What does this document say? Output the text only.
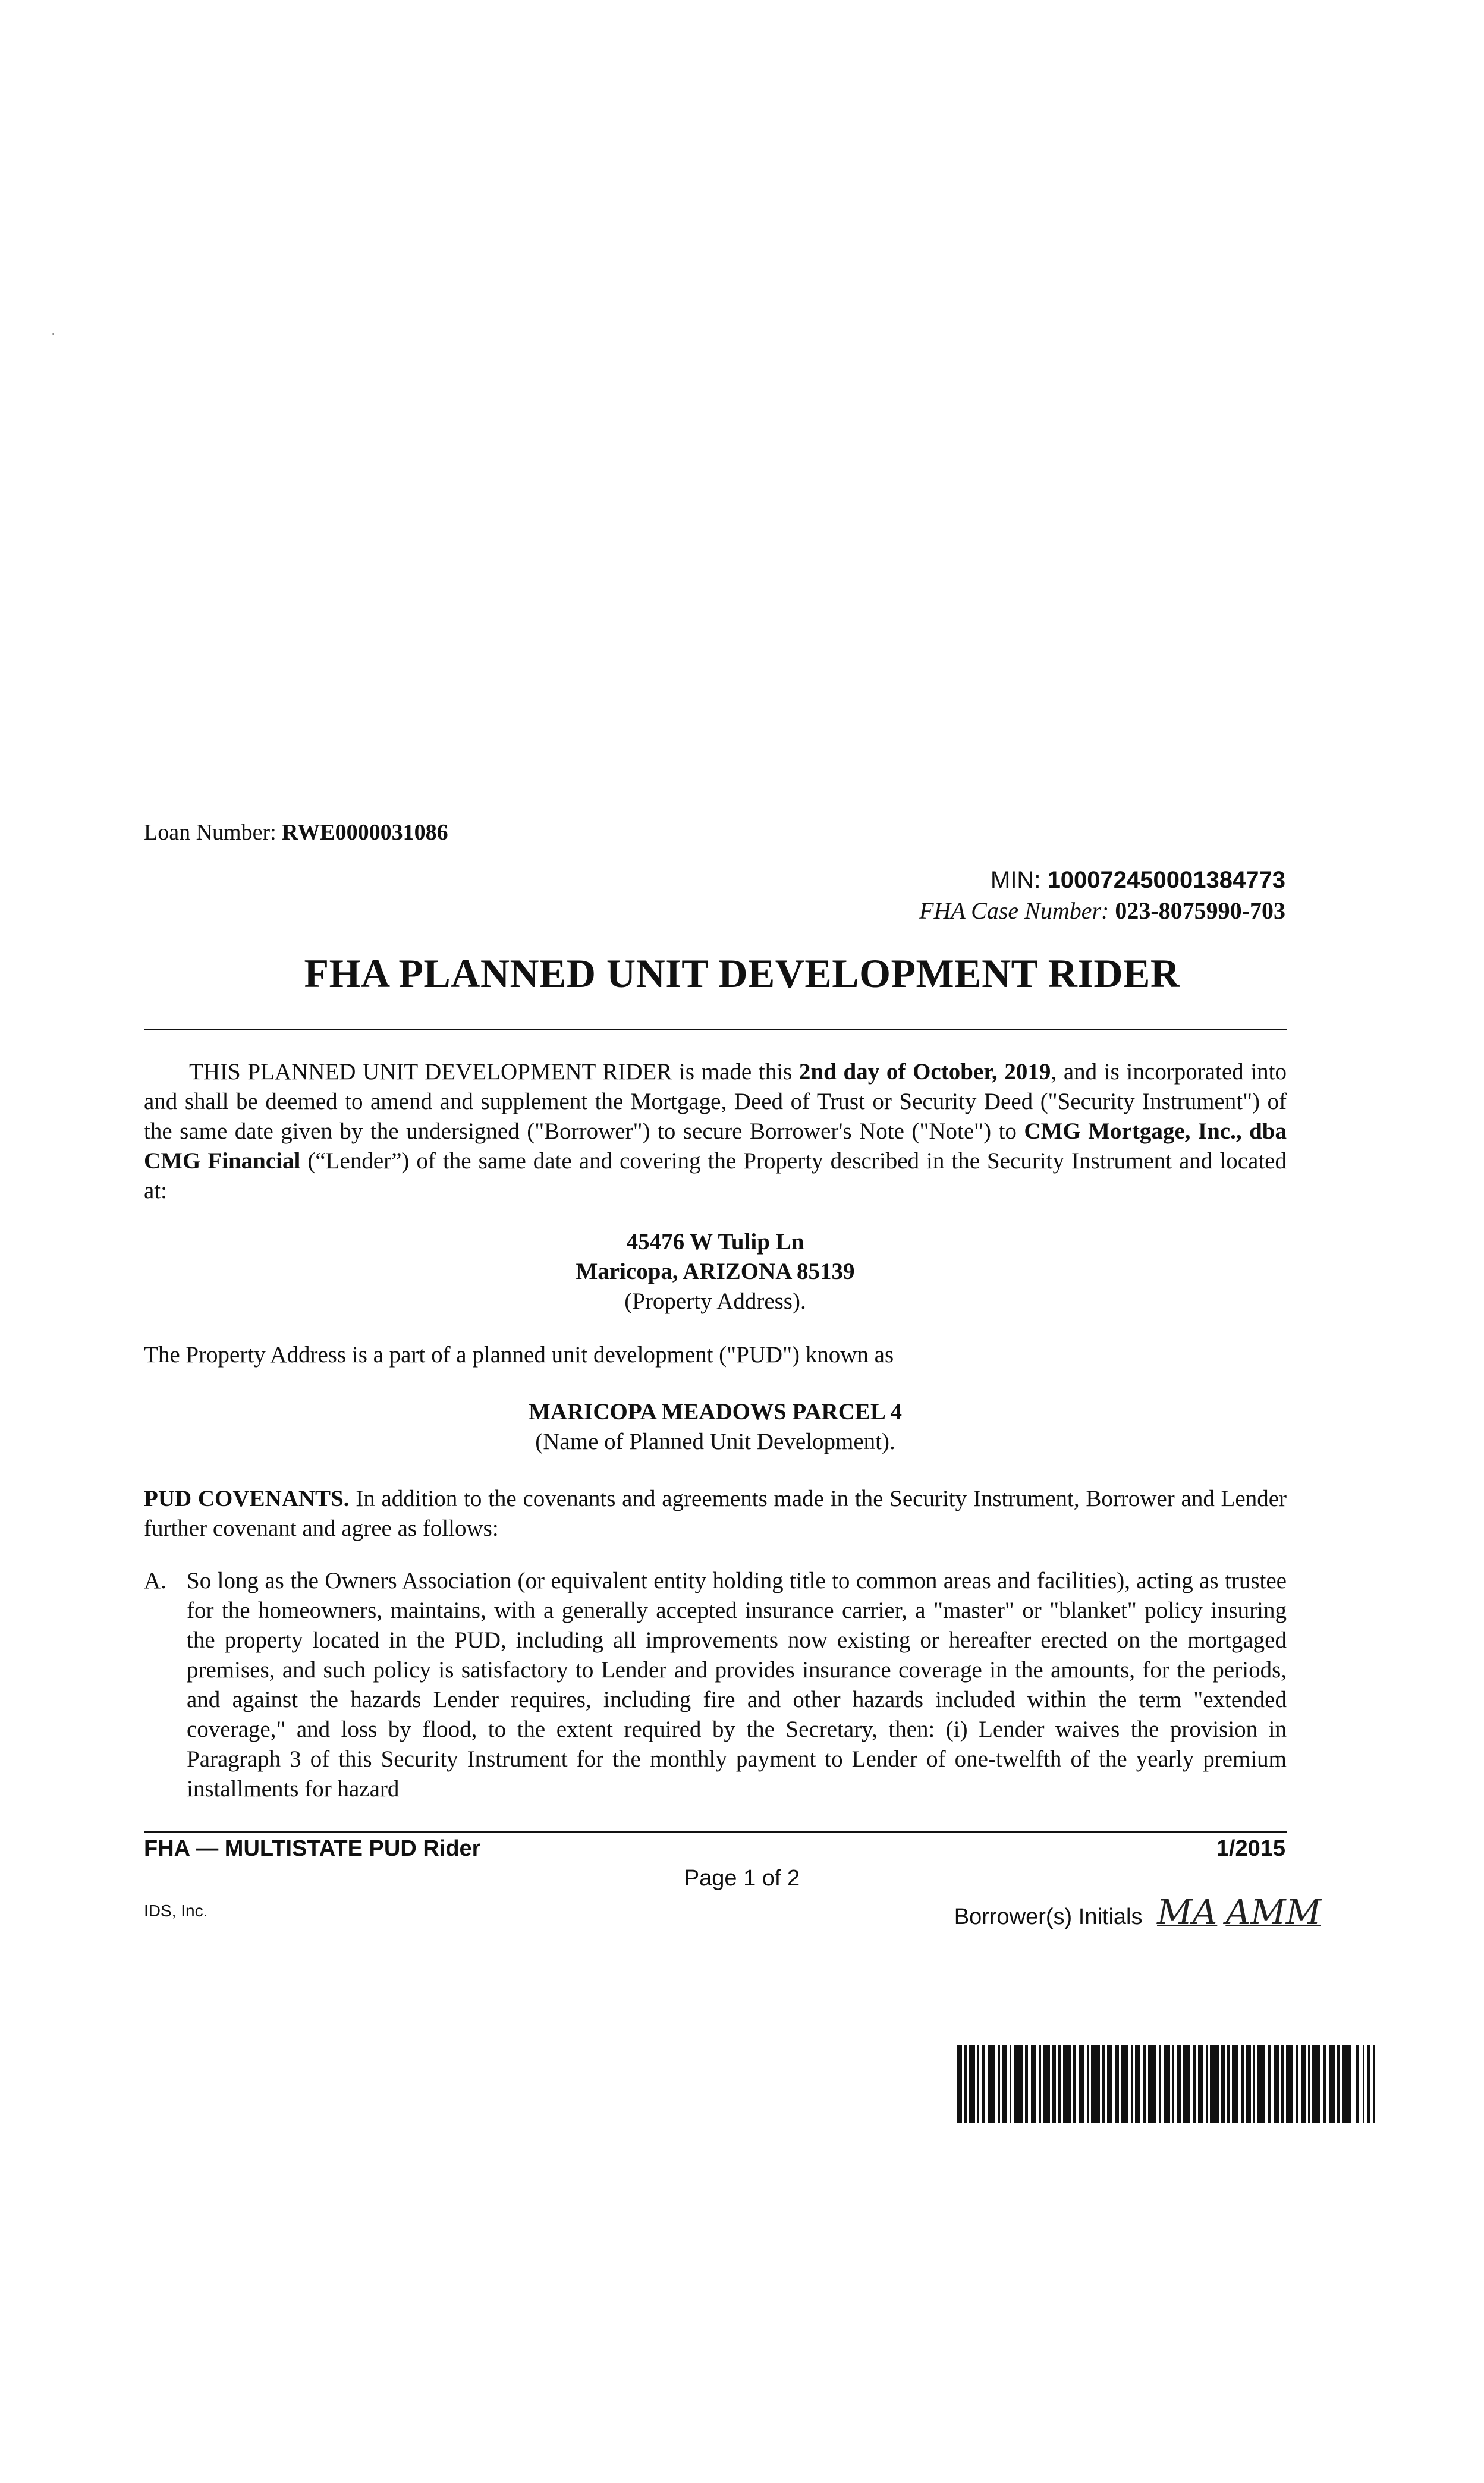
Loan Number: RWE0000031086
MIN: 100072450001384773
FHA Case Number: 023-8075990-703
FHA PLANNED UNIT DEVELOPMENT RIDER
THIS PLANNED UNIT DEVELOPMENT RIDER is made this 2nd day of October, 2019, and is incorporated into and shall be deemed to amend and supplement the Mortgage, Deed of Trust or Security Deed ("Security Instrument") of the same date given by the undersigned ("Borrower") to secure Borrower's Note ("Note") to CMG Mortgage, Inc., dba CMG Financial (“Lender”) of the same date and covering the Property described in the Security Instrument and located at:
45476 W Tulip Ln
Maricopa, ARIZONA 85139
(Property Address).
The Property Address is a part of a planned unit development ("PUD") known as
MARICOPA MEADOWS PARCEL 4
(Name of Planned Unit Development).
PUD COVENANTS. In addition to the covenants and agreements made in the Security Instrument, Borrower and Lender further covenant and agree as follows:
A. So long as the Owners Association (or equivalent entity holding title to common areas and facilities), acting as trustee for the homeowners, maintains, with a generally accepted insurance carrier, a "master" or "blanket" policy insuring the property located in the PUD, including all improvements now existing or hereafter erected on the mortgaged premises, and such policy is satisfactory to Lender and provides insurance coverage in the amounts, for the periods, and against the hazards Lender requires, including fire and other hazards included within the term "extended coverage," and loss by flood, to the extent required by the Secretary, then: (i) Lender waives the provision in Paragraph 3 of this Security Instrument for the monthly payment to Lender of one-twelfth of the yearly premium installments for hazard
FHA — MULTISTATE PUD Rider	1/2015
Page 1 of 2
IDS, Inc.	Borrower(s) Initials MA AMM
